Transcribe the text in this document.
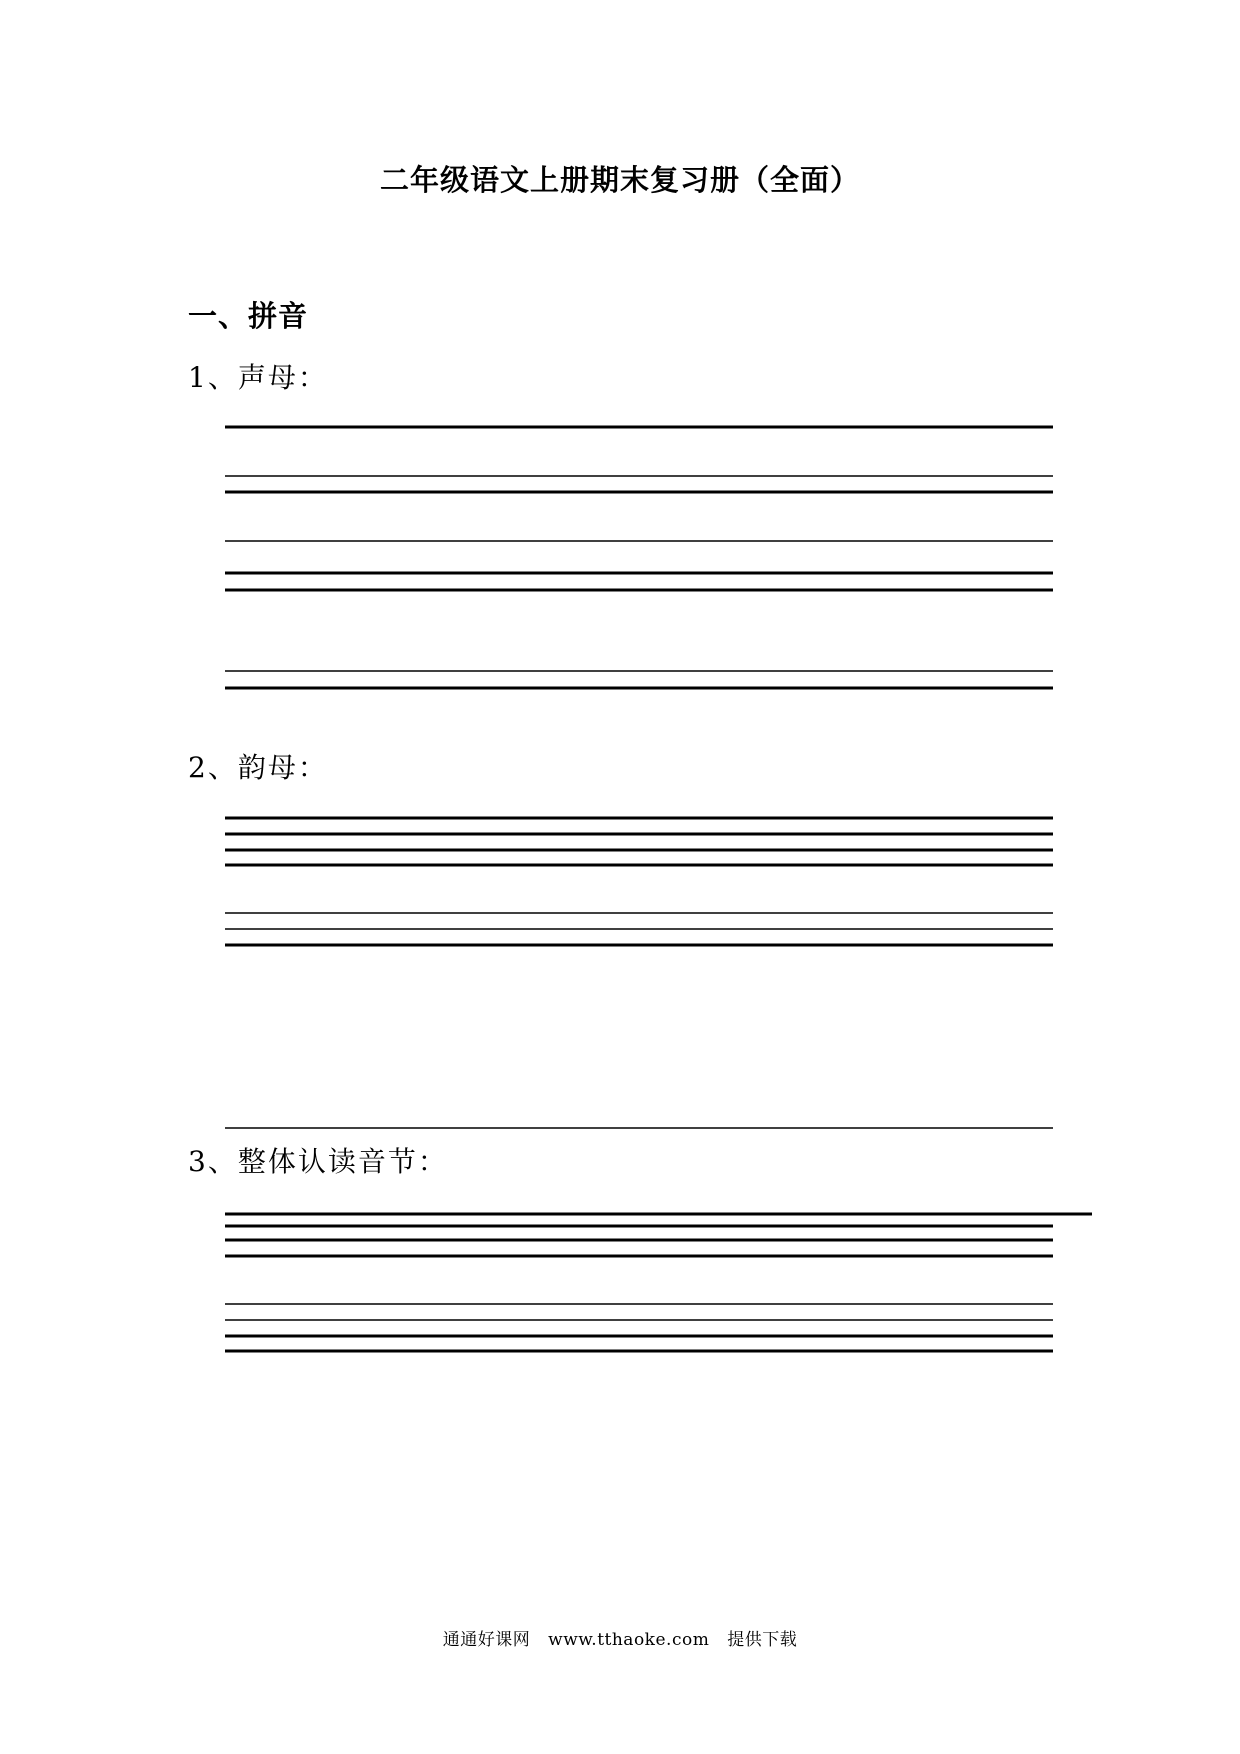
二年级语文上册期末复习册（全面）
一、拼音
1、声母：
2、韵母：
3、整体认读音节：
通通好课网 www.tthaoke.com 提供下载
